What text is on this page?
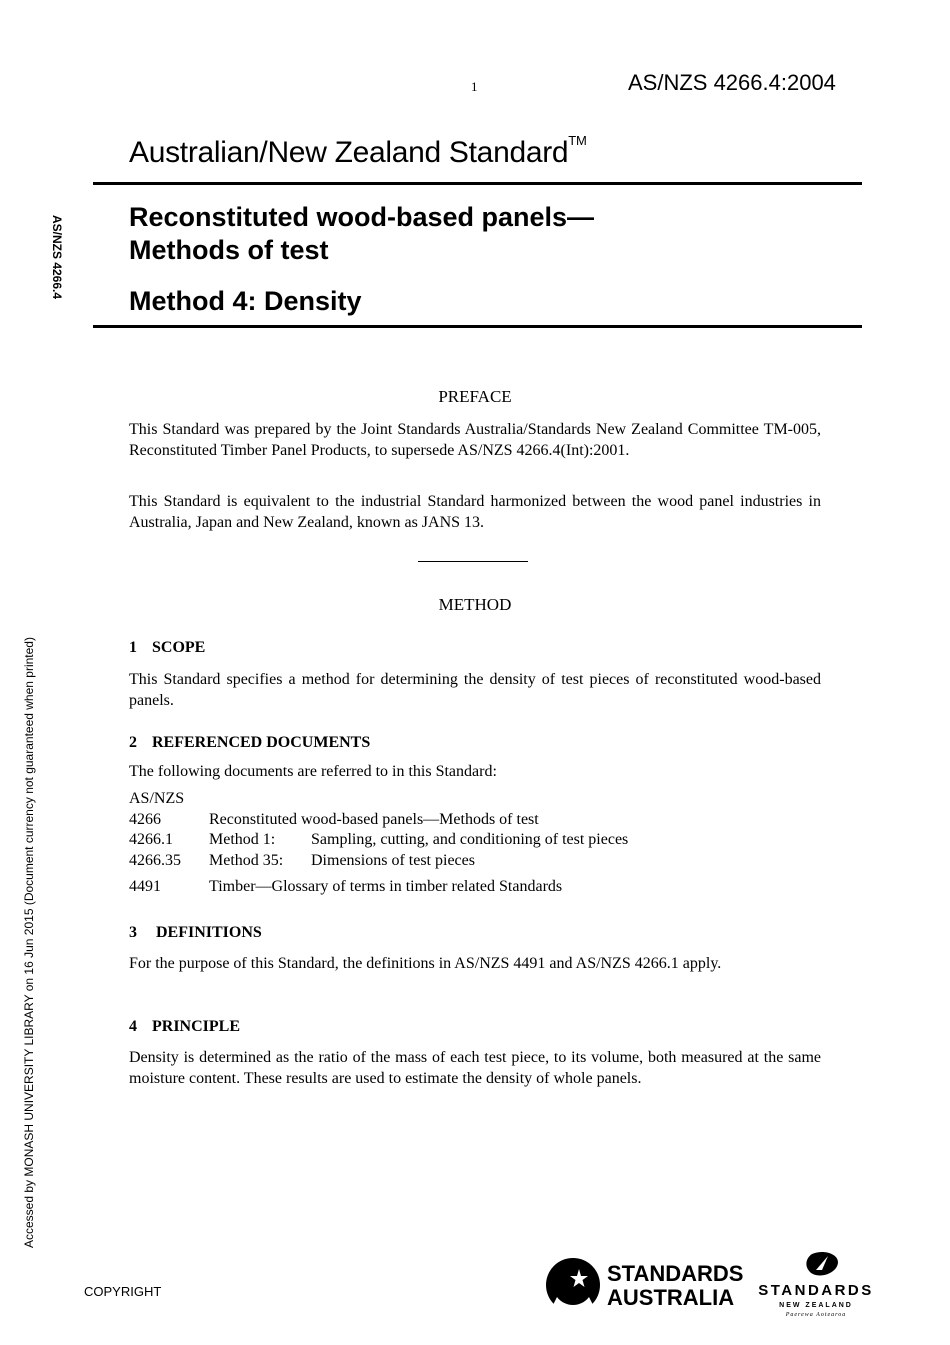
1	AS/NZS 4266.4:2004
Australian/New Zealand Standard™
Reconstituted wood-based panels—
Methods of test
Method 4: Density
AS/NZS 4266.4
Accessed by MONASH UNIVERSITY LIBRARY on 16 Jun 2015 (Document currency not guaranteed when printed)
PREFACE
This Standard was prepared by the Joint Standards Australia/Standards New Zealand Committee TM-005, Reconstituted Timber Panel Products, to supersede AS/NZS 4266.4(Int):2001.
This Standard is equivalent to the industrial Standard harmonized between the wood panel industries in Australia, Japan and New Zealand, known as JANS 13.
METHOD
1 SCOPE
This Standard specifies a method for determining the density of test pieces of reconstituted wood-based panels.
2 REFERENCED DOCUMENTS
The following documents are referred to in this Standard:
AS/NZS
4266	Reconstituted wood-based panels—Methods of test
4266.1 Method 1: Sampling, cutting, and conditioning of test pieces
4266.35 Method 35: Dimensions of test pieces
4491	Timber—Glossary of terms in timber related Standards
3 DEFINITIONS
For the purpose of this Standard, the definitions in AS/NZS 4491 and AS/NZS 4266.1 apply.
4 PRINCIPLE
Density is determined as the ratio of the mass of each test piece, to its volume, both measured at the same moisture content. These results are used to estimate the density of whole panels.
COPYRIGHT
STANDARDS
AUSTRALIA STANDARDS
NEW ZEALAND
Paerewa Aotearoa
